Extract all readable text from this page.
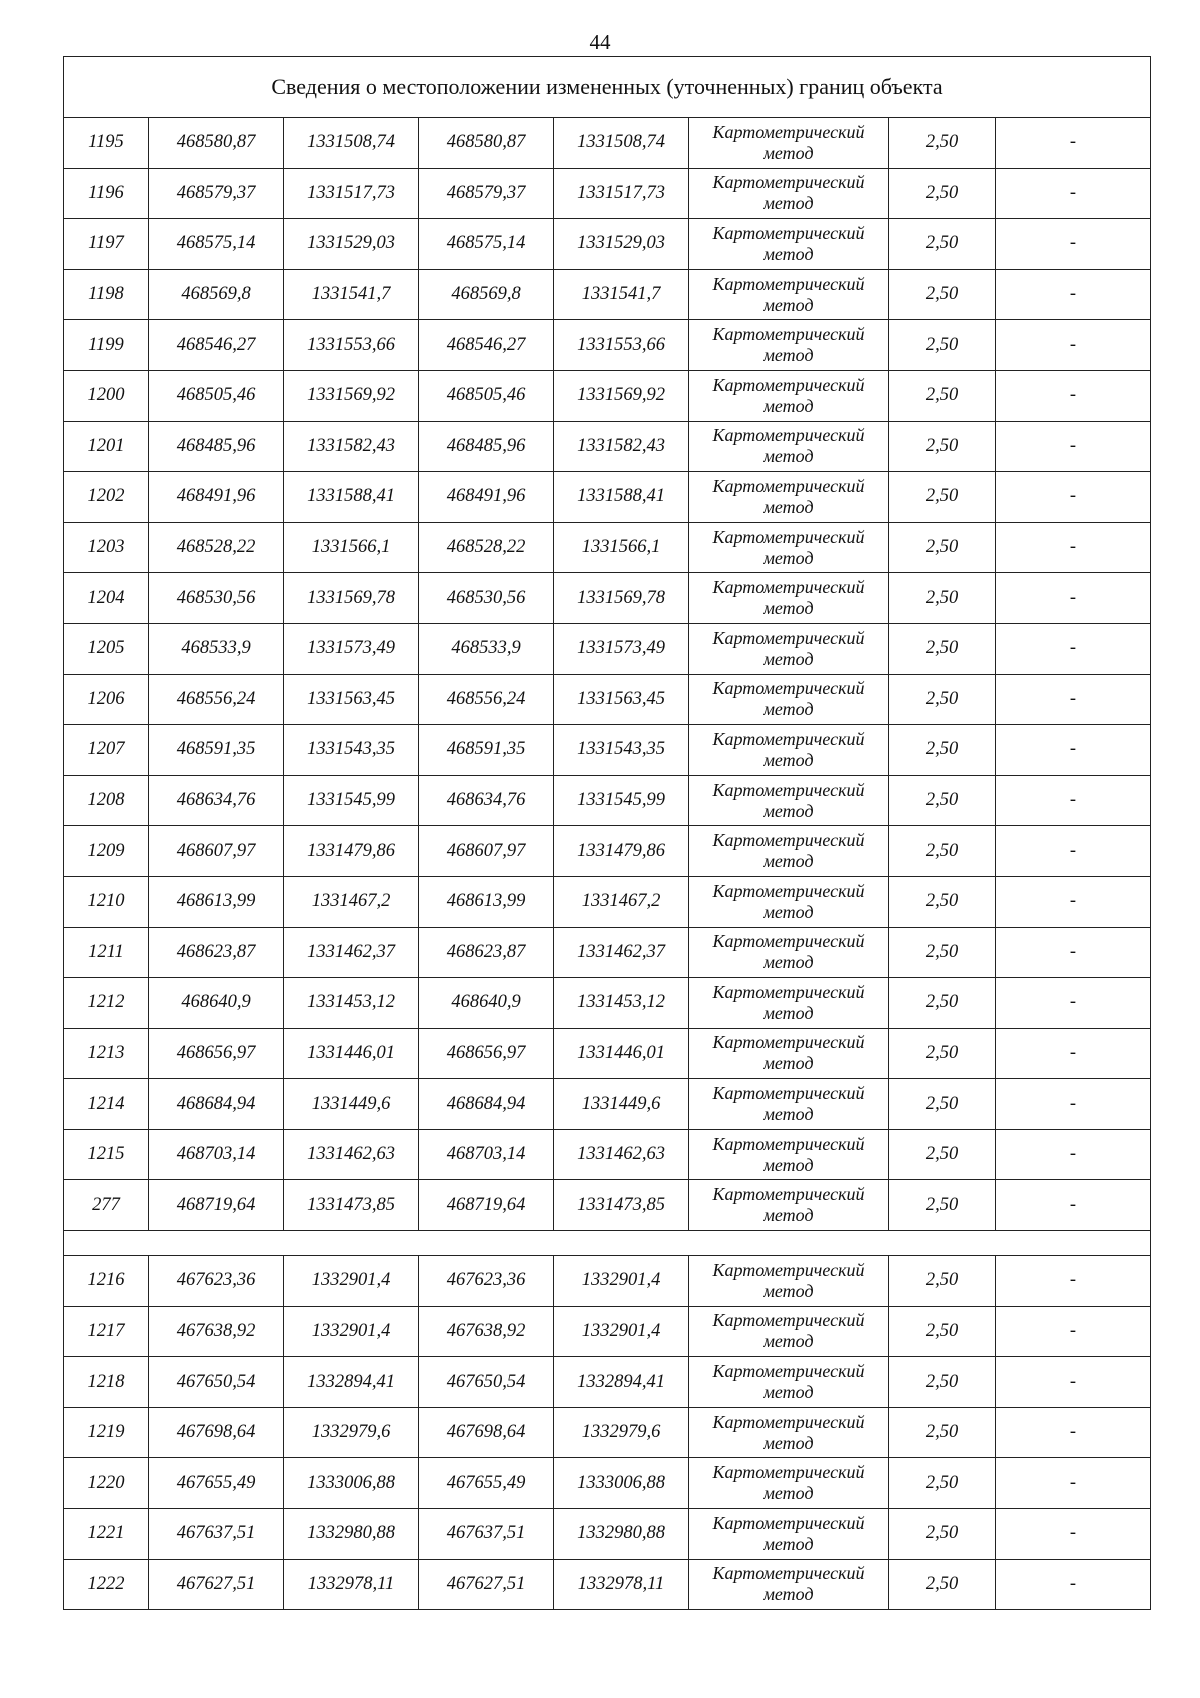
44
Сведения о местоположении измененных (уточненных) границ объекта							
1195	468580,87	1331508,74	468580,87	1331508,74	Картометрический метод	2,50	-
1196	468579,37	1331517,73	468579,37	1331517,73	Картометрический метод	2,50	-
1197	468575,14	1331529,03	468575,14	1331529,03	Картометрический метод	2,50	-
1198	468569,8	1331541,7	468569,8	1331541,7	Картометрический метод	2,50	-
1199	468546,27	1331553,66	468546,27	1331553,66	Картометрический метод	2,50	-
1200	468505,46	1331569,92	468505,46	1331569,92	Картометрический метод	2,50	-
1201	468485,96	1331582,43	468485,96	1331582,43	Картометрический метод	2,50	-
1202	468491,96	1331588,41	468491,96	1331588,41	Картометрический метод	2,50	-
1203	468528,22	1331566,1	468528,22	1331566,1	Картометрический метод	2,50	-
1204	468530,56	1331569,78	468530,56	1331569,78	Картометрический метод	2,50	-
1205	468533,9	1331573,49	468533,9	1331573,49	Картометрический метод	2,50	-
1206	468556,24	1331563,45	468556,24	1331563,45	Картометрический метод	2,50	-
1207	468591,35	1331543,35	468591,35	1331543,35	Картометрический метод	2,50	-
1208	468634,76	1331545,99	468634,76	1331545,99	Картометрический метод	2,50	-
1209	468607,97	1331479,86	468607,97	1331479,86	Картометрический метод	2,50	-
1210	468613,99	1331467,2	468613,99	1331467,2	Картометрический метод	2,50	-
1211	468623,87	1331462,37	468623,87	1331462,37	Картометрический метод	2,50	-
1212	468640,9	1331453,12	468640,9	1331453,12	Картометрический метод	2,50	-
1213	468656,97	1331446,01	468656,97	1331446,01	Картометрический метод	2,50	-
1214	468684,94	1331449,6	468684,94	1331449,6	Картометрический метод	2,50	-
1215	468703,14	1331462,63	468703,14	1331462,63	Картометрический метод	2,50	-
277	468719,64	1331473,85	468719,64	1331473,85	Картометрический метод	2,50	-

1216	467623,36	1332901,4	467623,36	1332901,4	Картометрический метод	2,50	-
1217	467638,92	1332901,4	467638,92	1332901,4	Картометрический метод	2,50	-
1218	467650,54	1332894,41	467650,54	1332894,41	Картометрический метод	2,50	-
1219	467698,64	1332979,6	467698,64	1332979,6	Картометрический метод	2,50	-
1220	467655,49	1333006,88	467655,49	1333006,88	Картометрический метод	2,50	-
1221	467637,51	1332980,88	467637,51	1332980,88	Картометрический метод	2,50	-
1222	467627,51	1332978,11	467627,51	1332978,11	Картометрический метод	2,50	-
